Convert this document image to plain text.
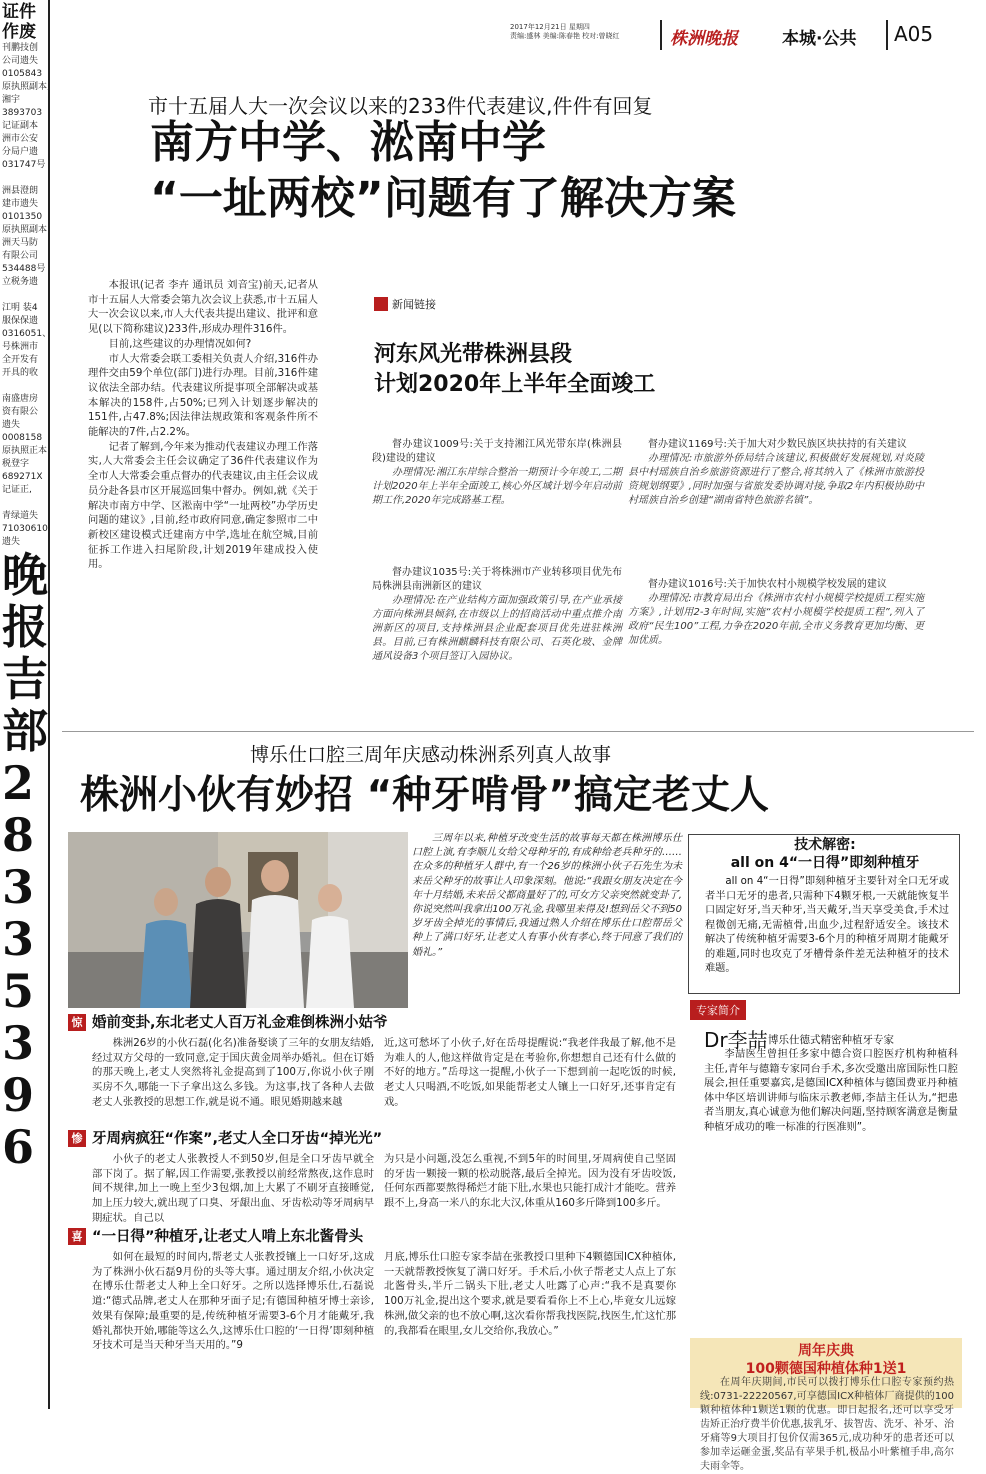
证件作废
刊鹏技创
公司遗失
0105843
原执照副本,
湘宇
3893703
记证副本
洲市公安
分局户遗
031747号

洲县澄朗
建市遗失
0101350
原执照副本
洲天马防
有限公司
534488号
立税务遗

江明 装4
服保保遗
0316051、
号株洲市
全开发有
开具的收

南盛唐房
资有限公
遗失
0008158
原执照正本
税登字
689271X
记证正,

青绿道失
71030610
遗失
晚
报
吉
部
2
8
3
3
5
3
9
6
2017年12月21日 星期四
责编:盛林 美编:陈春艳 校对:曾晓红	株洲晚报	本城·公共 A05
市十五届人大一次会议以来的233件代表建议,件件有回复
南方中学、淞南中学
“一址两校”问题有了解决方案

本报讯(记者 李卉 通讯员 刘音宝)前天,记者从市十五届人大常委会第九次会议上获悉,市十五届人大一次会议以来,市人大代表共提出建议、批评和意见(以下简称建议)233件,形成办理件316件。

目前,这些建议的办理情况如何?

市人大常委会联工委相关负责人介绍,316件办理件交由59个单位(部门)进行办理。目前,316件建议依法全部办结。代表建议所提事项全部解决或基本解决的158件,占50%;已列入计划逐步解决的151件,占47.8%;因法律法规政策和客观条件所不能解决的7件,占2.2%。

记者了解到,今年来为推动代表建议办理工作落实,人大常委会主任会议确定了36件代表建议作为全市人大常委会重点督办的代表建议,由主任会议成员分赴各县市区开展巡回集中督办。例如,就《关于解决市南方中学、区淞南中学“一址两校”办学历史问题的建议》,目前,经市政府同意,确定参照市二中新校区建设模式迁建南方中学,选址在航空城,目前征拆工作进入扫尾阶段,计划2019年建成投入使用。

新闻链接
河东风光带株洲县段
计划2020年上半年全面竣工
督办建议1009号:关于支持湘江风光带东岸(株洲县段)建设的建议
办理情况:湘江东岸综合整治一期预计今年竣工,二期计划2020年上半年全面竣工,核心外区域计划今年启动前期工作,2020年完成路基工程。
督办建议1169号:关于加大对少数民族区块扶持的有关建议
办理情况:市旅游外侨局结合该建议,积极做好发展规划,对炎陵县中村瑶族自治乡旅游资源进行了整合,将其纳入了《株洲市旅游投资规划纲要》,同时加强与省旅发委协调对接,争取2年内积极协助中村瑶族自治乡创建“湖南省特色旅游名镇”。
督办建议1035号:关于将株洲市产业转移项目优先布局株洲县南洲新区的建议
办理情况:在产业结构方面加强政策引导,在产业承接方面向株洲县倾斜,在市级以上的招商活动中重点推介南洲新区的项目,支持株洲县企业配套项目优先进驻株洲县。目前,已有株洲麒麟科技有限公司、石英化玻、金牌通风设备3个项目签订入园协议。
督办建议1016号:关于加快农村小规模学校发展的建议
办理情况:市教育局出台《株洲市农村小规模学校提质工程实施方案》,计划用2-3年时间,实施“农村小规模学校提质工程”,列入了政府“民生100”工程,力争在2020年前,全市义务教育更加均衡、更加优质。
博乐仕口腔三周年庆感动株洲系列真人故事
株洲小伙有妙招 “种牙啃骨”搞定老丈人
三周年以来,种植牙改变生活的故事每天都在株洲博乐仕口腔上演,有李顺儿女给父母种牙的,有成种给老兵种牙的……在众多的种植牙人群中,有一个26岁的株洲小伙子石先生为未来岳父种牙的故事让人印象深刻。他说:“我跟女朋友决定在今年十月结婚,未来岳父都商量好了的,可女方父亲突然就变卦了,你说突然叫我拿出100万礼金,我哪里来得及!想到岳父不到50岁牙齿全掉光的事情后,我通过熟人介绍在博乐仕口腔帮岳父种上了满口好牙,让老丈人有事小伙有孝心,终于同意了我们的婚礼。”
惊 婚前变卦,东北老丈人百万礼金难倒株洲小姑爷
株洲26岁的小伙石磊(化名)准备娶谈了三年的女朋友结婚,经过双方父母的一致同意,定于国庆黄金周举办婚礼。但在订婚的那天晚上,老丈人突然将礼金提高到了100万,你说小伙子刚买房不久,哪能一下子拿出这么多钱。为这事,找了各种人去做老丈人张教授的思想工作,就是说不通。眼见婚期越来越
近,这可愁坏了小伙子,好在岳母提醒说:“我老伴我最了解,他不是为难人的人,他这样做肯定是在考验你,你想想自己还有什么做的不好的地方。”岳母这一提醒,小伙子一下想到前一起吃饭的时候,老丈人只喝酒,不吃饭,如果能帮老丈人镶上一口好牙,还事肯定有戏。
惨 牙周病疯狂“作案”,老丈人全口牙齿“掉光光”
小伙子的老丈人张教授人不到50岁,但是全口牙齿早就全部下岗了。据了解,因工作需要,张教授以前经常熬夜,这作息时间不规律,加上一晚上至少3包烟,加上大累了不刷牙直接睡觉,加上压力较大,就出现了口臭、牙龈出血、牙齿松动等牙周病早期症状。自己以
为只是小问题,没怎么重视,不到5年的时间里,牙周病使自己坚固的牙齿一颗接一颗的松动脱落,最后全掉光。因为没有牙齿咬饭,任何东西都要熬得稀烂才能下肚,水果也只能打成汁才能吃。营养跟不上,身高一米八的东北大汉,体重从160多斤降到100多斤。
喜 “一日得”种植牙,让老丈人啃上东北酱骨头
如何在最短的时间内,帮老丈人张教授镶上一口好牙,这成为了株洲小伙石磊9月份的头等大事。通过朋友介绍,小伙决定在博乐仕帮老丈人种上全口好牙。之所以选择博乐仕,石磊说道:“德式品牌,老丈人在那种牙面子足;有德国种植牙博士亲诊,效果有保障;最重要的是,传统种植牙需要3-6个月才能戴牙,我婚礼都快开始,哪能等这么久,这博乐仕口腔的‘一日得’即刻种植牙技术可是当天种牙当天用的。”9
月底,博乐仕口腔专家李喆在张教授口里种下4颗德国ICX种植体,一天就帮教授恢复了满口好牙。手术后,小伙子帮老丈人点上了东北酱骨头,半斤二锅头下肚,老丈人吐露了心声:“我不是真要你100万礼金,提出这个要求,就是要看看你上不上心,毕竟女儿远嫁株洲,做父亲的也不放心啊,这次看你帮我找医院,找医生,忙这忙那的,我都看在眼里,女儿交给你,我放心。”
技术解密:
all on 4“一日得”即刻种植牙
all on 4“一日得”即刻种植牙主要针对全口无牙或者半口无牙的患者,只需种下4颗牙根,一天就能恢复半口固定好牙,当天种牙,当天戴牙,当天享受美食,手术过程微创无痛,无需植骨,出血少,过程舒适安全。该技术解决了传统种植牙需要3-6个月的种植牙周期才能戴牙的难题,同时也攻克了牙槽骨条件差无法种植牙的技术难题。
专家简介
Dr李喆 博乐仕德式精密种植牙专家
李喆医生曾担任多家中德合资口腔医疗机构种植科主任,青年与德籍专家同台手术,多次受邀出席国际性口腔展会,担任重要嘉宾,是德国ICX种植体与德国费亚丹种植体中华区培训讲师与临床示教老师,李喆主任认为,“把患者当朋友,真心诚意为他们解决问题,坚持顾客满意是衡量种植牙成功的唯一标准的行医准则”。
周年庆典
100颗德国种植体种1送1
在周年庆期间,市民可以拨打博乐仕口腔专家预约热线:0731-22220567,可享德国ICX种植体厂商提供的100颗种植体种1颗送1颗的优惠。即日起报名,还可以享受牙齿矫正治疗费半价优惠,拔乳牙、拔智齿、洗牙、补牙、治牙痛等9大项目打包价仅需365元,成功种牙的患者还可以参加幸运砸金蛋,奖品有苹果手机,极品小叶紫檀手串,高尔夫雨伞等。
